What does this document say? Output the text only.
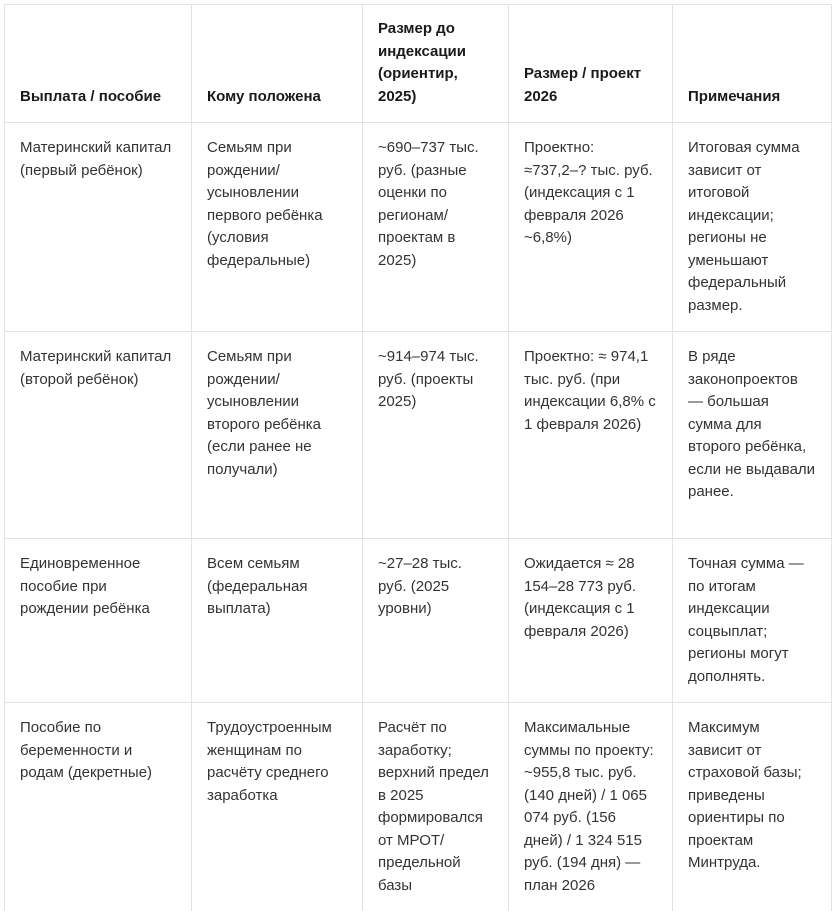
Выплата / пособие	Кому положена	Размер до индексации (ориентир, 2025)	Размер / проект 2026	Примечания
Материнский капитал (первый ребёнок)	Семьям при рождении/ усыновлении первого ребёнка (условия федеральные)	~690–737 тыс. руб. (разные оценки по регионам/ проектам в 2025)	Проектно: ≈737,2–? тыс. руб. (индексация с 1 февраля 2026 ~6,8%)	Итоговая сумма зависит от итоговой индексации; регионы не уменьшают федеральный размер.
Материнский капитал (второй ребёнок)	Семьям при рождении/ усыновлении второго ребёнка (если ранее не получали)	~914–974 тыс. руб. (проекты 2025)	Проектно: ≈ 974,1 тыс. руб. (при индексации 6,8% с 1 февраля 2026)	В ряде законопроектов — большая сумма для второго ребёнка, если не выдавали ранее.
Единовременное пособие при рождении ребёнка	Всем семьям (федеральная выплата)	~27–28 тыс. руб. (2025 уровни)	Ожидается ≈ 28 154–28 773 руб. (индексация с 1 февраля 2026)	Точная сумма — по итогам индексации соцвыплат; регионы могут дополнять.
Пособие по беременности и родам (декретные)	Трудоустроенным женщинам по расчёту среднего заработка	Расчёт по заработку; верхний предел в 2025 формировался от МРОТ/ предельной базы	Максимальные суммы по проекту: ~955,8 тыс. руб. (140 дней) / 1 065 074 руб. (156 дней) / 1 324 515 руб. (194 дня) — план 2026	Максимум зависит от страховой базы; приведены ориентиры по проектам Минтруда.
